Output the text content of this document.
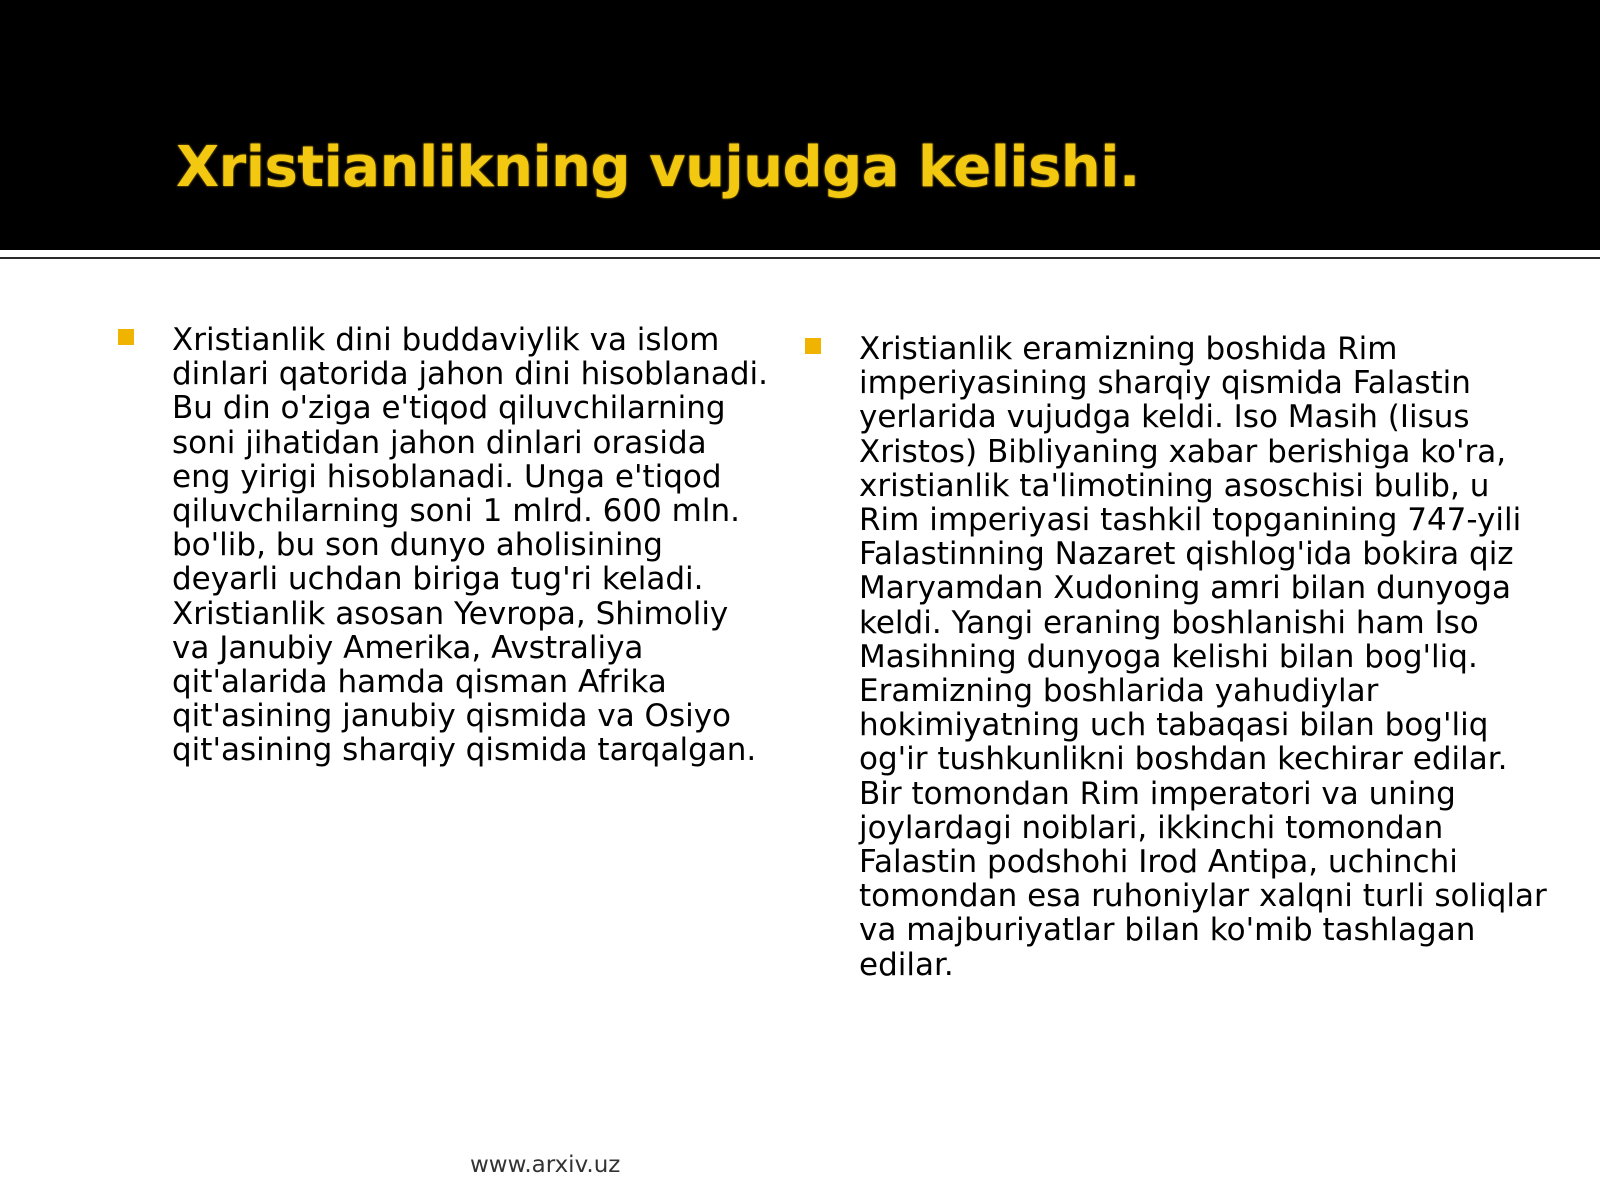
Xristianlikning vujudga kelishi.

Xristianlik dini buddaviylik va islom dinlari qatorida jahon dini hisoblanadi. Bu din o'ziga e'tiqod qiluvchilarning soni jihatidan jahon dinlari orasida eng yirigi hisoblanadi. Unga e'tiqod qiluvchilarning soni 1 mlrd. 600 mln. bo'lib, bu son dunyo aholisining deyarli uchdan biriga tug'ri keladi. Xristianlik asosan Yevropa, Shimoliy va Janubiy Amerika, Avstraliya qit'alarida hamda qisman Afrika qit'asining janubiy qismida va Osiyo qit'asining sharqiy qismida tarqalgan.

Xristianlik eramizning boshida Rim imperiyasining sharqiy qismida Falastin yerlarida vujudga keldi. Iso Masih (Iisus Xristos) Bibliyaning xabar berishiga ko'ra, xristianlik ta'limotining asoschisi bulib, u Rim imperiyasi tashkil topganining 747-yili Falastinning Nazaret qishlog'ida bokira qiz Maryamdan Xudoning amri bilan dunyoga keldi. Yangi eraning boshlanishi ham Iso Masihning dunyoga kelishi bilan bog'liq. Eramizning boshlarida yahudiylar hokimiyatning uch tabaqasi bilan bog'liq og'ir tushkunlikni boshdan kechirar edilar. Bir tomondan Rim imperatori va uning joylardagi noiblari, ikkinchi tomondan Falastin podshohi Irod Antipa, uchinchi tomondan esa ruhoniylar xalqni turli soliqlar va majburiyatlar bilan ko'mib tashlagan edilar.

www.arxiv.uz
